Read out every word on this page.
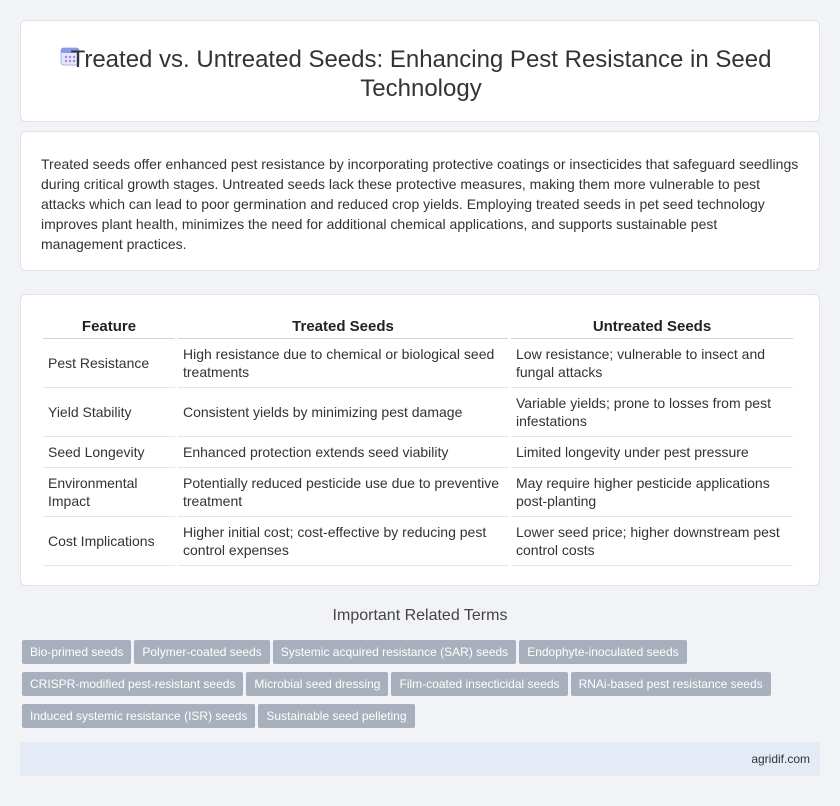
Treated vs. Untreated Seeds: Enhancing Pest Resistance in Seed Technology

Treated seeds offer enhanced pest resistance by incorporating protective coatings or insecticides that safeguard seedlings during critical growth stages. Untreated seeds lack these protective measures, making them more vulnerable to pest attacks which can lead to poor germination and reduced crop yields. Employing treated seeds in pet seed technology improves plant health, minimizes the need for additional chemical applications, and supports sustainable pest management practices.

Feature	Treated Seeds	Untreated Seeds
Pest Resistance	High resistance due to chemical or biological seed treatments	Low resistance; vulnerable to insect and fungal attacks
Yield Stability	Consistent yields by minimizing pest damage	Variable yields; prone to losses from pest infestations
Seed Longevity	Enhanced protection extends seed viability	Limited longevity under pest pressure
Environmental Impact	Potentially reduced pesticide use due to preventive treatment	May require higher pesticide applications post-planting
Cost Implications	Higher initial cost; cost-effective by reducing pest control expenses	Lower seed price; higher downstream pest control costs
Important Related Terms
Bio-primed seeds Polymer-coated seeds Systemic acquired resistance (SAR) seeds Endophyte-inoculated seeds
CRISPR-modified pest-resistant seeds Microbial seed dressing Film-coated insecticidal seeds RNAi-based pest resistance seeds
Induced systemic resistance (ISR) seeds Sustainable seed pelleting
agridif.com
